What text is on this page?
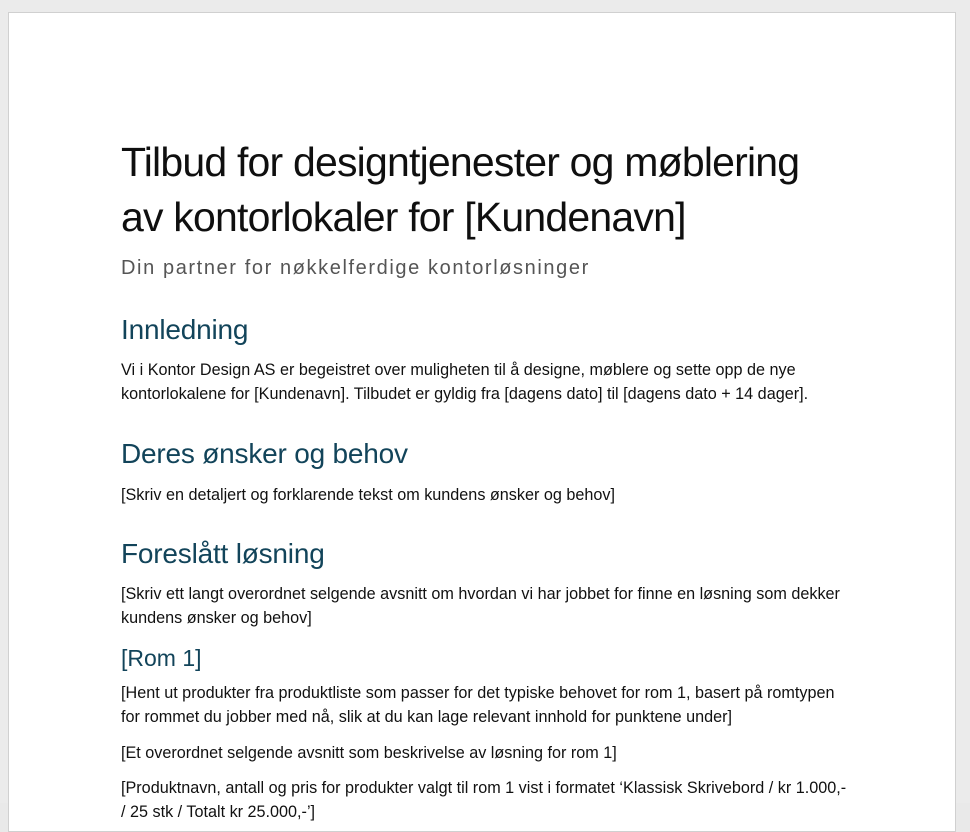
Tilbud for designtjenester og møblering av kontorlokaler for [Kundenavn]
Din partner for nøkkelferdige kontorløsninger
Innledning

Vi i Kontor Design AS er begeistret over muligheten til å designe, møblere og sette opp de nye kontorlokalene for [Kundenavn]. Tilbudet er gyldig fra [dagens dato] til [dagens dato + 14 dager].

Deres ønsker og behov

[Skriv en detaljert og forklarende tekst om kundens ønsker og behov]

Foreslått løsning

[Skriv ett langt overordnet selgende avsnitt om hvordan vi har jobbet for finne en løsning som dekker kundens ønsker og behov]

[Rom 1]

[Hent ut produkter fra produktliste som passer for det typiske behovet for rom 1, basert på romtypen for rommet du jobber med nå, slik at du kan lage relevant innhold for punktene under]

[Et overordnet selgende avsnitt som beskrivelse av løsning for rom 1]

[Produktnavn, antall og pris for produkter valgt til rom 1 vist i formatet ‘Klassisk Skrivebord / kr 1.000,- / 25 stk / Totalt kr 25.000,-’]
